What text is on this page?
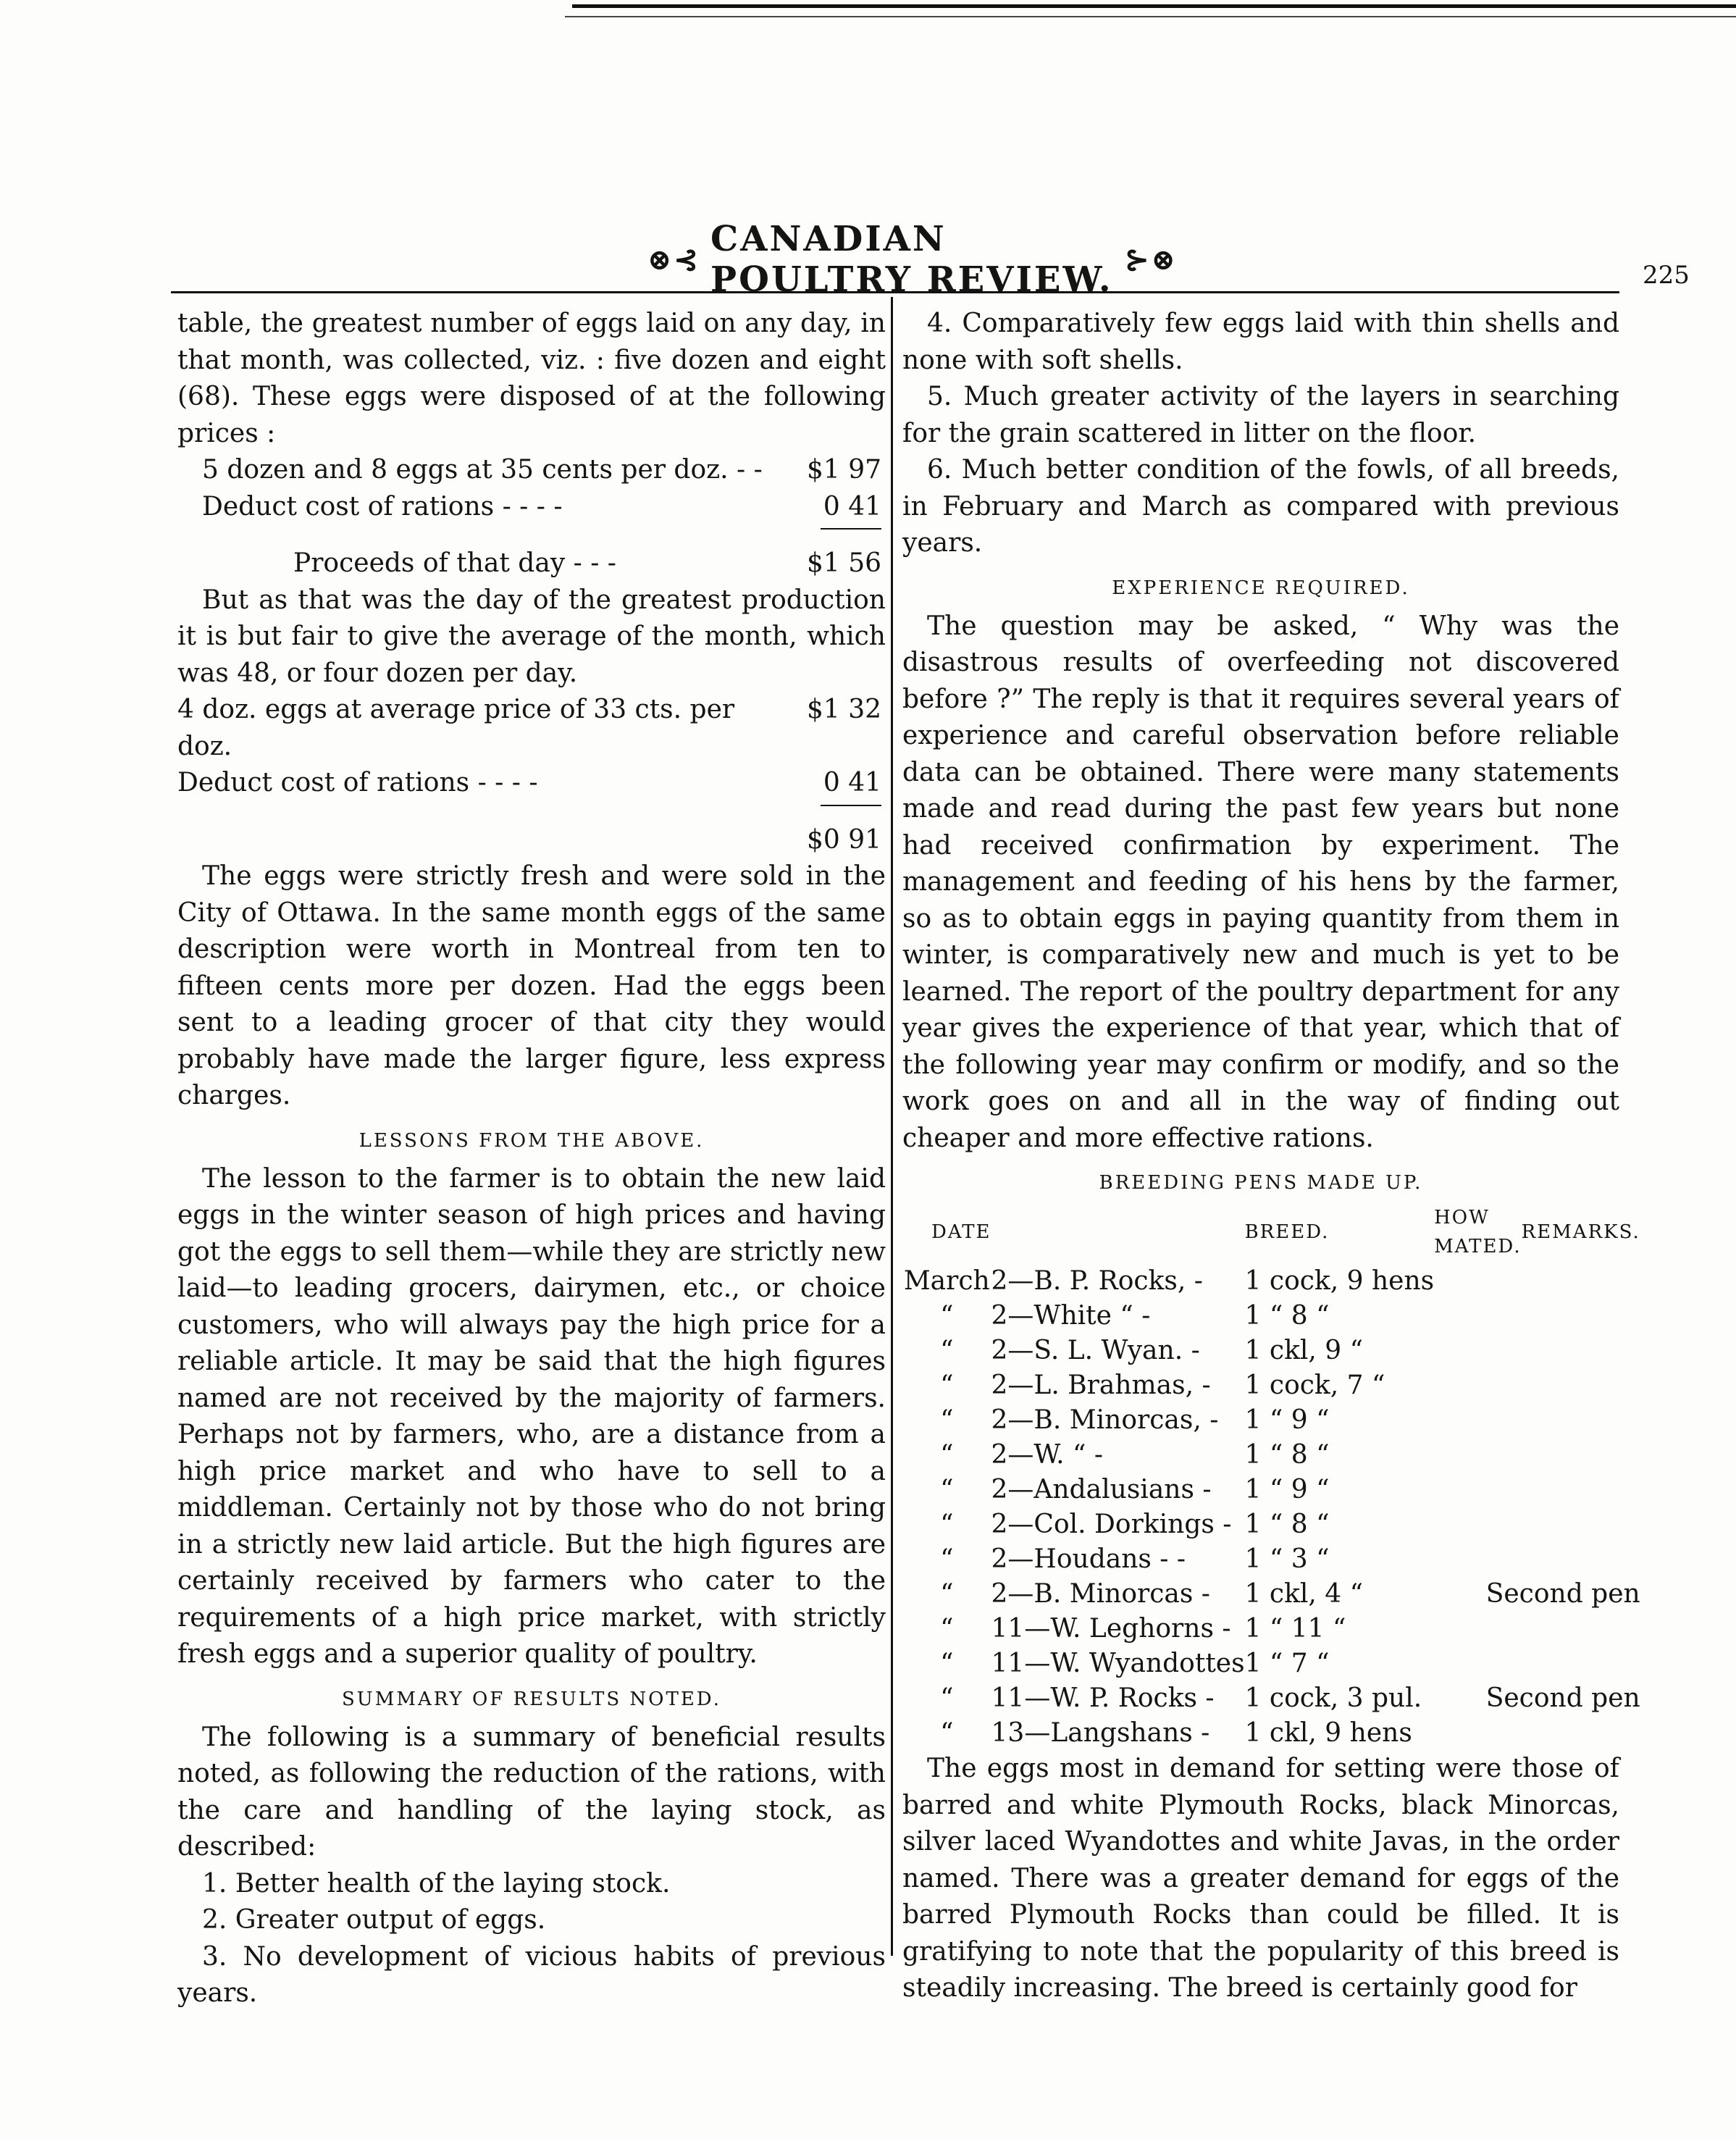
⊗⊰ CANADIAN POULTRY REVIEW. ⊱⊗	225

table, the greatest number of eggs laid on any day, in that month, was collected, viz. : five dozen and eight (68). These eggs were disposed of at the following prices :

5 dozen and 8 eggs at 35 cents per doz. - -	$1 97
Deduct cost of rations - - - -	0 41
Proceeds of that day - - -	$1 56

But as that was the day of the greatest production it is but fair to give the average of the month, which was 48, or four dozen per day.

4 doz. eggs at average price of 33 cts. per doz.
$1 32
Deduct cost of rations - - - -	0 41
$0 91

The eggs were strictly fresh and were sold in the City of Ottawa. In the same month eggs of the same description were worth in Montreal from ten to fifteen cents more per dozen. Had the eggs been sent to a leading grocer of that city they would probably have made the larger figure, less express charges.

LESSONS FROM THE ABOVE.

The lesson to the farmer is to obtain the new laid eggs in the winter season of high prices and having got the eggs to sell them—while they are strictly new laid—to leading grocers, dairymen, etc., or choice customers, who will always pay the high price for a reliable article. It may be said that the high figures named are not received by the majority of farmers. Perhaps not by farmers, who, are a distance from a high price market and who have to sell to a middleman. Certainly not by those who do not bring in a strictly new laid article. But the high figures are certainly received by farmers who cater to the requirements of a high price market, with strictly fresh eggs and a superior quality of poultry.

SUMMARY OF RESULTS NOTED.

The following is a summary of beneficial results noted, as following the reduction of the rations, with the care and handling of the laying stock, as described:

1. Better health of the laying stock.

2. Greater output of eggs.

3. No development of vicious habits of previous years.

4. Comparatively few eggs laid with thin shells and none with soft shells.

5. Much greater activity of the layers in searching for the grain scattered in litter on the floor.

6. Much better condition of the fowls, of all breeds, in February and March as compared with previous years.

EXPERIENCE REQUIRED.

The question may be asked, “ Why was the disastrous results of overfeeding not discovered before ?” The reply is that it requires several years of experience and careful observation before reliable data can be obtained. There were many statements made and read during the past few years but none had received confirmation by experiment. The management and feeding of his hens by the farmer, so as to obtain eggs in paying quantity from them in winter, is comparatively new and much is yet to be learned. The report of the poultry department for any year gives the experience of that year, which that of the following year may confirm or modify, and so the work goes on and all in the way of finding out cheaper and more effective rations.

BREEDING PENS MADE UP.
DATE		BREED.	HOW MATED.	REMARKS.
March	2—B. P. Rocks, -	1 cock, 9 hens		
“	2—White “ -	1 “ 8 “		
“	2—S. L. Wyan. -	1 ckl, 9 “		
“	2—L. Brahmas, -	1 cock, 7 “		
“	2—B. Minorcas, -	1 “ 9 “		
“	2—W. “ -	1 “ 8 “		
“	2—Andalusians -	1 “ 9 “		
“	2—Col. Dorkings -	1 “ 8 “		
“	2—Houdans - -	1 “ 3 “		
“	2—B. Minorcas -	1 ckl, 4 “	Second pen	
“	11—W. Leghorns -	1 “ 11 “		
“	11—W. Wyandottes	1 “ 7 “		
“	11—W. P. Rocks -	1 cock, 3 pul.	Second pen	
“	13—Langshans -	1 ckl, 9 hens		

The eggs most in demand for setting were those of barred and white Plymouth Rocks, black Minorcas, silver laced Wyandottes and white Javas, in the order named. There was a greater demand for eggs of the barred Plymouth Rocks than could be filled. It is gratifying to note that the popularity of this breed is steadily increasing. The breed is certainly good for
